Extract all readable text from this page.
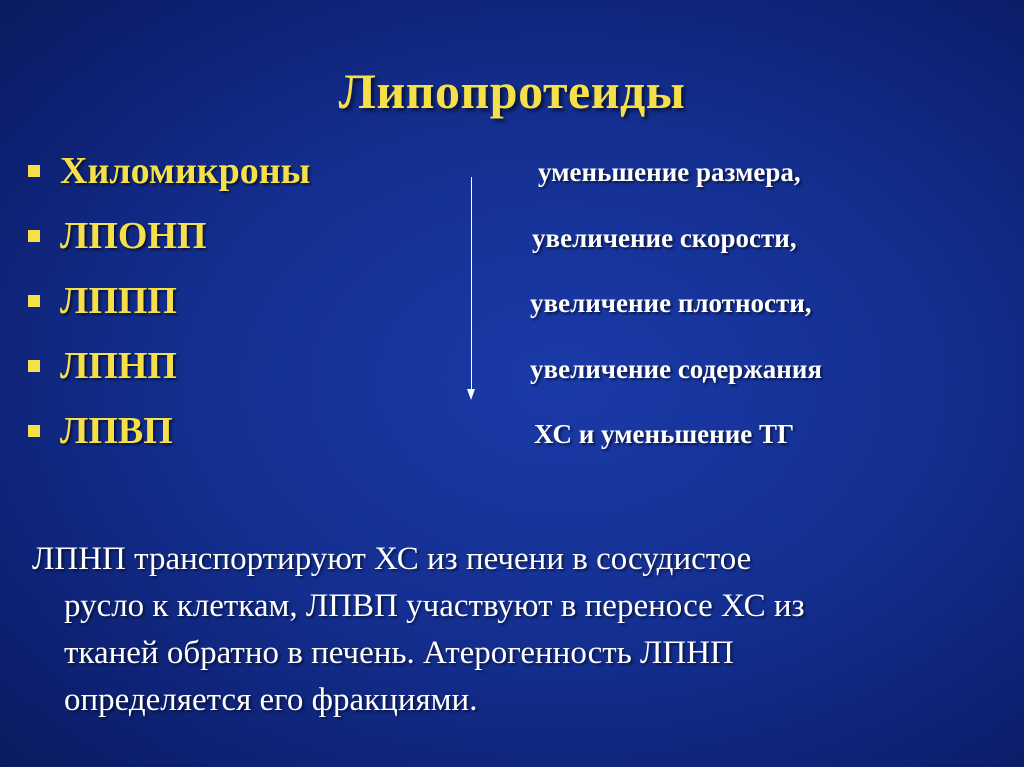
Липопротеиды
Хиломикроны
ЛПОНП
ЛППП
ЛПНП
ЛПВП
уменьшение размера,
увеличение скорости,
увеличение плотности,
увеличение содержания
ХС и уменьшение ТГ
ЛПНП транспортируют ХС из печени в сосудистое
русло к клеткам, ЛПВП участвуют в переносе ХС из
тканей обратно в печень. Атерогенность ЛПНП
определяется его фракциями.
